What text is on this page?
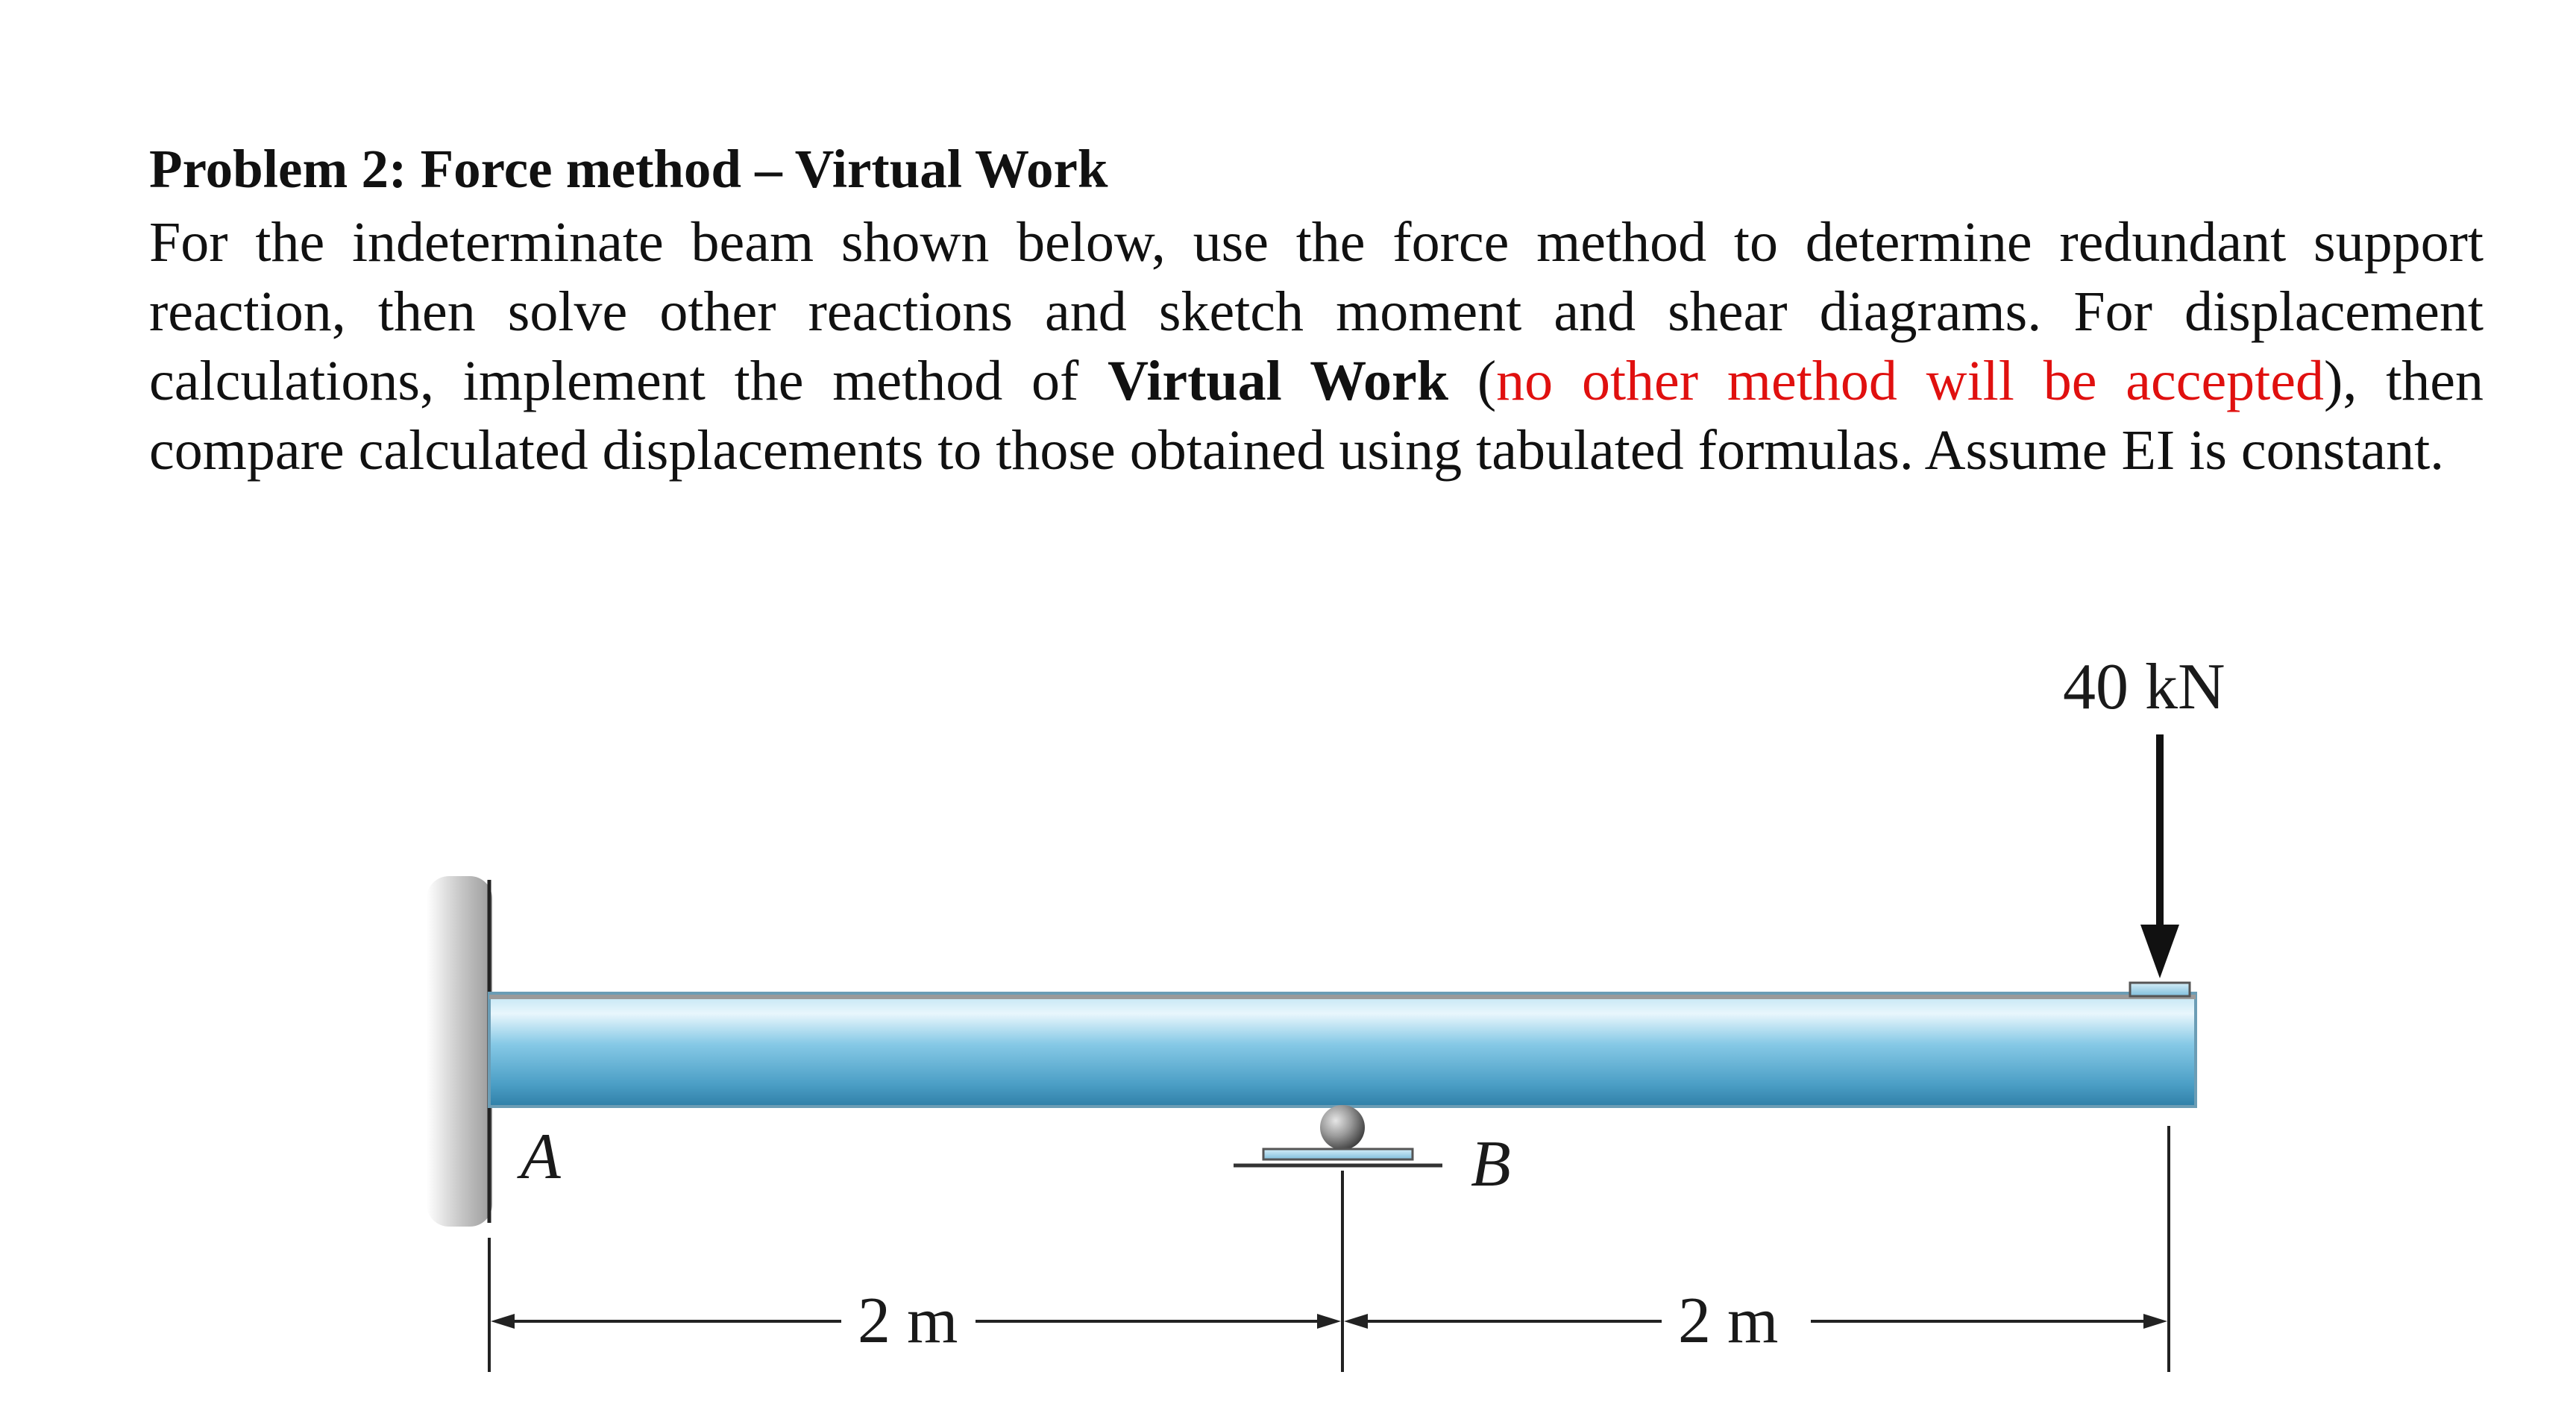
Problem 2: Force method – Virtual Work
For the indeterminate beam shown below, use the force method to determine redundant support reaction, then solve other reactions and sketch moment and shear diagrams. For displacement calculations, implement the method of Virtual Work (no other method will be accepted), then compare calculated displacements to those obtained using tabulated formulas. Assume EI is constant.
40 kN
A	B
2 m	2 m
